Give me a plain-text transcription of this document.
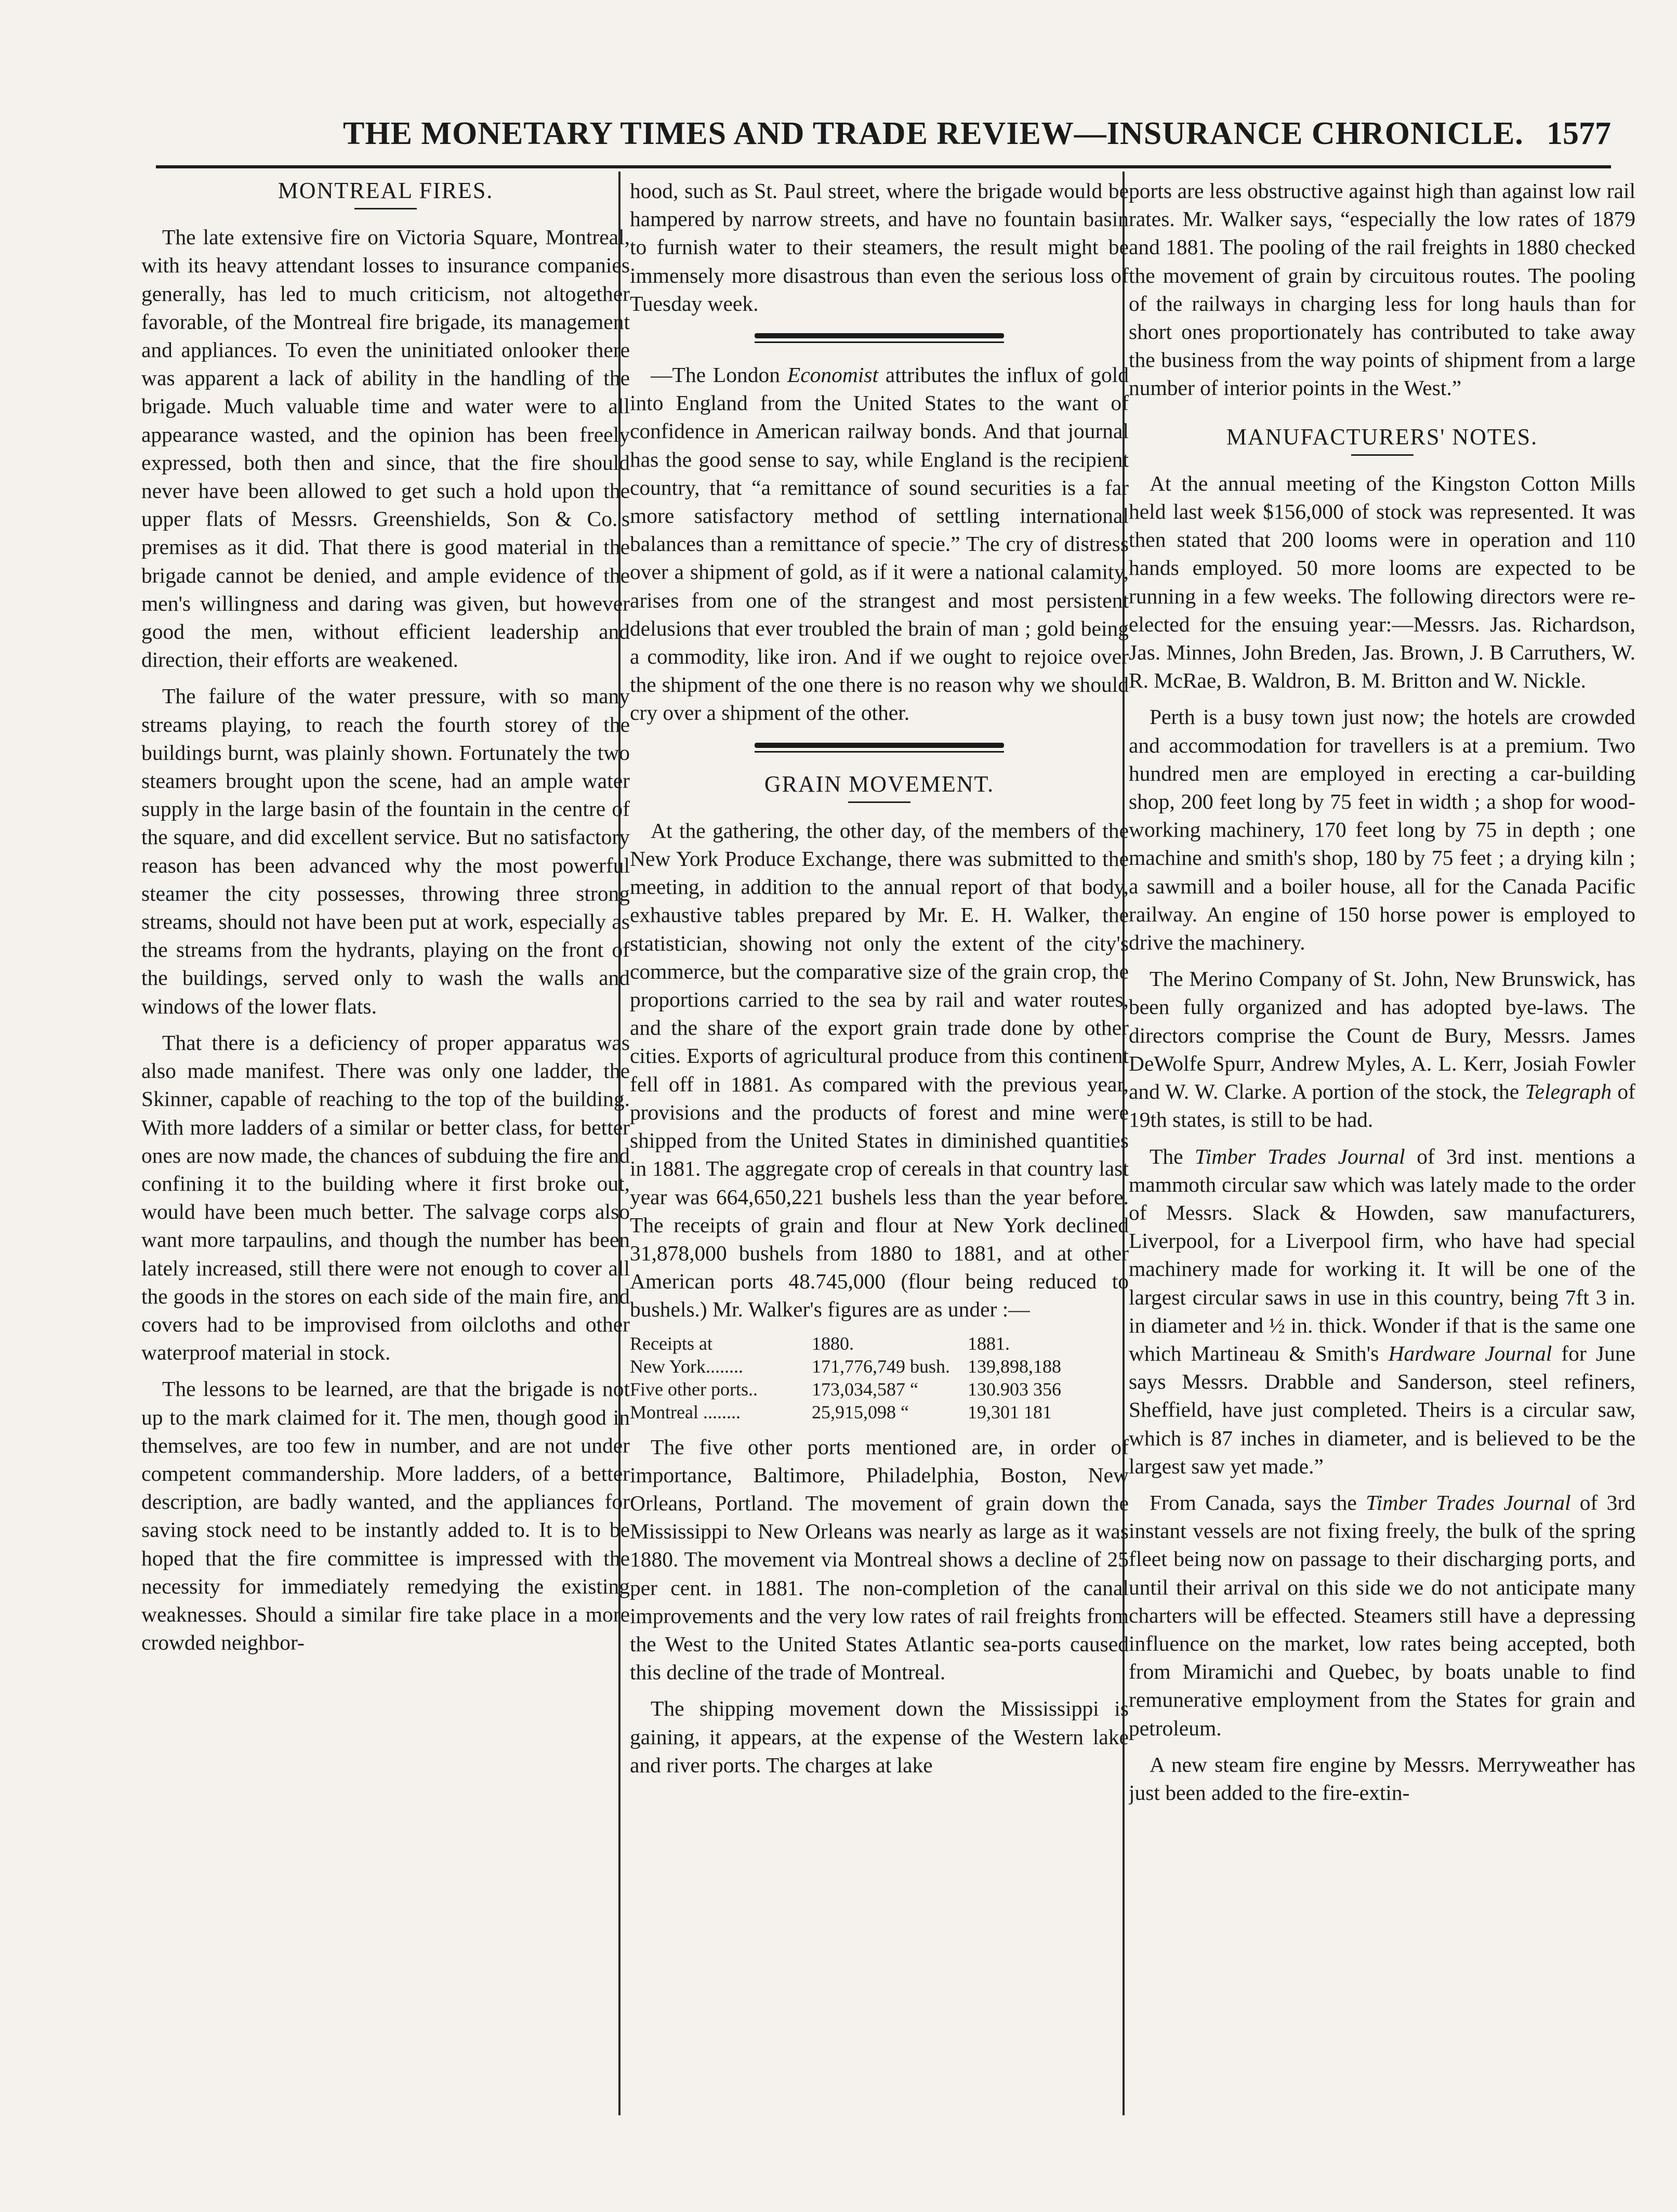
THE MONETARY TIMES AND TRADE REVIEW—INSURANCE CHRONICLE. 1577
MONTREAL FIRES.

The late extensive fire on Victoria Square, Montreal, with its heavy attendant losses to insurance companies generally, has led to much criticism, not altogether favorable, of the Montreal fire brigade, its management and appliances. To even the uninitiated onlooker there was apparent a lack of ability in the handling of the brigade. Much valuable time and water were to all appearance wasted, and the opinion has been freely expressed, both then and since, that the fire should never have been allowed to get such a hold upon the upper flats of Messrs. Greenshields, Son & Co.'s premises as it did. That there is good material in the brigade cannot be denied, and ample evidence of the men's willingness and daring was given, but however good the men, without efficient leadership and direction, their efforts are weakened.

The failure of the water pressure, with so many streams playing, to reach the fourth storey of the buildings burnt, was plainly shown. Fortunately the two steamers brought upon the scene, had an ample water supply in the large basin of the fountain in the centre of the square, and did excellent service. But no satisfactory reason has been advanced why the most powerful steamer the city possesses, throwing three strong streams, should not have been put at work, especially as the streams from the hydrants, playing on the front of the buildings, served only to wash the walls and windows of the lower flats.

That there is a deficiency of proper apparatus was also made manifest. There was only one ladder, the Skinner, capable of reaching to the top of the building. With more ladders of a similar or better class, for better ones are now made, the chances of subduing the fire and confining it to the building where it first broke out, would have been much better. The salvage corps also want more tarpaulins, and though the number has been lately increased, still there were not enough to cover all the goods in the stores on each side of the main fire, and covers had to be improvised from oilcloths and other waterproof material in stock.

The lessons to be learned, are that the brigade is not up to the mark claimed for it. The men, though good in themselves, are too few in number, and are not under competent commandership. More ladders, of a better description, are badly wanted, and the appliances for saving stock need to be instantly added to. It is to be hoped that the fire committee is impressed with the necessity for immediately remedying the existing weaknesses. Should a similar fire take place in a more crowded neighbor-

hood, such as St. Paul street, where the brigade would be hampered by narrow streets, and have no fountain basin to furnish water to their steamers, the result might be immensely more disastrous than even the serious loss of Tuesday week.

—The London Economist attributes the influx of gold into England from the United States to the want of confidence in American railway bonds. And that journal has the good sense to say, while England is the recipient country, that “a remittance of sound securities is a far more satisfactory method of settling international balances than a remittance of specie.” The cry of distress over a shipment of gold, as if it were a national calamity, arises from one of the strangest and most persistent delusions that ever troubled the brain of man ; gold being a commodity, like iron. And if we ought to rejoice over the shipment of the one there is no reason why we should cry over a shipment of the other.

GRAIN MOVEMENT.

At the gathering, the other day, of the members of the New York Produce Exchange, there was submitted to the meeting, in addition to the annual report of that body, exhaustive tables prepared by Mr. E. H. Walker, the statistician, showing not only the extent of the city's commerce, but the comparative size of the grain crop, the proportions carried to the sea by rail and water routes, and the share of the export grain trade done by other cities. Exports of agricultural produce from this continent fell off in 1881. As compared with the previous year, provisions and the products of forest and mine were shipped from the United States in diminished quantities in 1881. The aggregate crop of cereals in that country last year was 664,650,221 bushels less than the year before. The receipts of grain and flour at New York declined 31,878,000 bushels from 1880 to 1881, and at other American ports 48.745,000 (flour being reduced to bushels.) Mr. Walker's figures are as under :—

Receipts at	1880.	1881.
New York........	171,776,749 bush. 139,898,188
Five other ports..	173,034,587 “	130.903 356
Montreal ........	25,915,098 “	19,301 181

The five other ports mentioned are, in order of importance, Baltimore, Philadelphia, Boston, New Orleans, Portland. The movement of grain down the Mississippi to New Orleans was nearly as large as it was 1880. The movement via Montreal shows a decline of 25 per cent. in 1881. The non-completion of the canal improvements and the very low rates of rail freights from the West to the United States Atlantic sea-ports caused this decline of the trade of Montreal.

The shipping movement down the Mississippi is gaining, it appears, at the expense of the Western lake and river ports. The charges at lake

ports are less obstructive against high than against low rail rates. Mr. Walker says, “especially the low rates of 1879 and 1881. The pooling of the rail freights in 1880 checked the movement of grain by circuitous routes. The pooling of the railways in charging less for long hauls than for short ones proportionately has contributed to take away the business from the way points of shipment from a large number of interior points in the West.”

MANUFACTURERS' NOTES.

At the annual meeting of the Kingston Cotton Mills held last week $156,000 of stock was represented. It was then stated that 200 looms were in operation and 110 hands employed. 50 more looms are expected to be running in a few weeks. The following directors were re-elected for the ensuing year:—Messrs. Jas. Richardson, Jas. Minnes, John Breden, Jas. Brown, J. B Carruthers, W. R. McRae, B. Waldron, B. M. Britton and W. Nickle.

Perth is a busy town just now; the hotels are crowded and accommodation for travellers is at a premium. Two hundred men are employed in erecting a car-building shop, 200 feet long by 75 feet in width ; a shop for wood-working machinery, 170 feet long by 75 in depth ; one machine and smith's shop, 180 by 75 feet ; a drying kiln ; a sawmill and a boiler house, all for the Canada Pacific railway. An engine of 150 horse power is employed to drive the machinery.

The Merino Company of St. John, New Brunswick, has been fully organized and has adopted bye-laws. The directors comprise the Count de Bury, Messrs. James DeWolfe Spurr, Andrew Myles, A. L. Kerr, Josiah Fowler and W. W. Clarke. A portion of the stock, the Telegraph of 19th states, is still to be had.

The Timber Trades Journal of 3rd inst. mentions a mammoth circular saw which was lately made to the order of Messrs. Slack & Howden, saw manufacturers, Liverpool, for a Liverpool firm, who have had special machinery made for working it. It will be one of the largest circular saws in use in this country, being 7ft 3 in. in diameter and ½ in. thick. Wonder if that is the same one which Martineau & Smith's Hardware Journal for June says Messrs. Drabble and Sanderson, steel refiners, Sheffield, have just completed. Theirs is a circular saw, which is 87 inches in diameter, and is believed to be the largest saw yet made.”

From Canada, says the Timber Trades Journal of 3rd instant vessels are not fixing freely, the bulk of the spring fleet being now on passage to their discharging ports, and until their arrival on this side we do not anticipate many charters will be effected. Steamers still have a depressing influence on the market, low rates being accepted, both from Miramichi and Quebec, by boats unable to find remunerative employment from the States for grain and petroleum.

A new steam fire engine by Messrs. Merryweather has just been added to the fire-extin-
